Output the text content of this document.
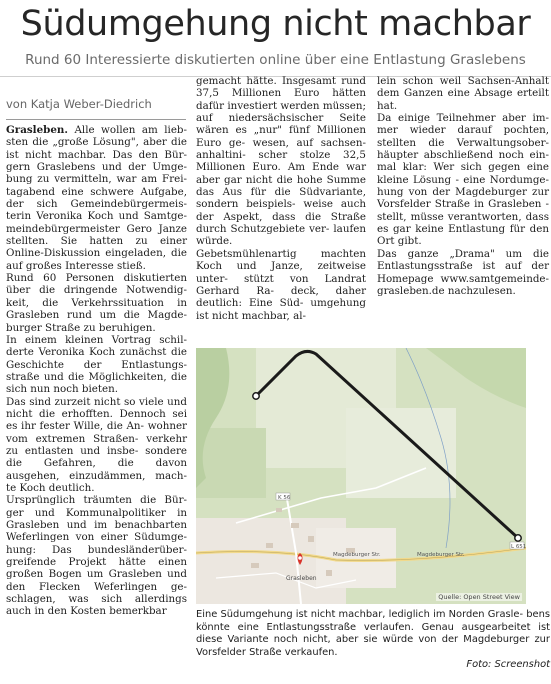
Südumgehung nicht machbar
Rund 60 Interessierte diskutierten online über eine Entlastung Graslebens
von Katja Weber-Diedrich

Grasleben. Alle wollen am lieb- sten die „große Lösung", aber die ist nicht machbar. Das den Bür- gern Graslebens und der Umge- bung zu vermitteln, war am Frei- tagabend eine schwere Aufgabe, der sich Gemeindebürgermeis- terin Veronika Koch und Samtge- meindebürgermeister Gero Janze stellten. Sie hatten zu einer Online-Diskussion eingeladen, die auf großes Interesse stieß.

Rund 60 Personen diskutierten über die dringende Notwendig- keit, die Verkehrssituation in Grasleben rund um die Magde- burger Straße zu beruhigen.

In einem kleinen Vortrag schil- derte Veronika Koch zunächst die Geschichte der Entlastungs- straße und die Möglichkeiten, die sich nun noch bieten.

Das sind zurzeit nicht so viele und nicht die erhofften. Dennoch sei es ihr fester Wille, die An- wohner vom extremen Straßen- verkehr zu entlasten und insbe- sondere die Gefahren, die davon ausgehen, einzudämmen, mach- te Koch deutlich.

Ursprünglich träumten die Bür- ger und Kommunalpolitiker in Grasleben und im benachbarten Weferlingen von einer Südumge- hung: Das bundesländerüber- greifende Projekt hätte einen großen Bogen um Grasleben und den Flecken Weferlingen ge- schlagen, was sich allerdings auch in den Kosten bemerkbar

gemacht hätte. Insgesamt rund 37,5 Millionen Euro hätten dafür investiert werden müssen; auf niedersächsischer Seite wären es „nur" fünf Millionen Euro ge- wesen, auf sachsen-anhaltini- scher stolze 32,5 Millionen Euro. Am Ende war aber gar nicht die hohe Summe das Aus für die Südvariante, sondern beispiels- weise auch der Aspekt, dass die Straße durch Schutzgebiete ver- laufen würde.

Gebetsmühlenartig machten Koch und Janze, zeitweise unter- stützt von Landrat Gerhard Ra- deck, daher deutlich: Eine Süd- umgehung ist nicht machbar, al-

lein schon weil Sachsen-Anhalt dem Ganzen eine Absage erteilt hat.

Da einige Teilnehmer aber im- mer wieder darauf pochten, stellten die Verwaltungsober- häupter abschließend noch ein- mal klar: Wer sich gegen eine kleine Lösung - eine Nordumge- hung von der Magdeburger zur Vorsfelder Straße in Grasleben - stellt, müsse verantworten, dass es gar keine Entlastung für den Ort gibt.

Das ganze „Drama" um die Entlastungsstraße ist auf der Homepage www.samtgemeinde- grasleben.de nachzulesen.

K 56
Magdeburger Str.	Magdeburger Str.
L 651
Grasleben
Quelle: Open Street View
Eine Südumgehung ist nicht machbar, lediglich im Norden Grasle- bens könnte eine Entlastungsstraße verlaufen. Genau ausgearbeitet ist diese Variante noch nicht, aber sie würde von der Magdeburger zur Vorsfelder Straße verkaufen.
Foto: Screenshot
